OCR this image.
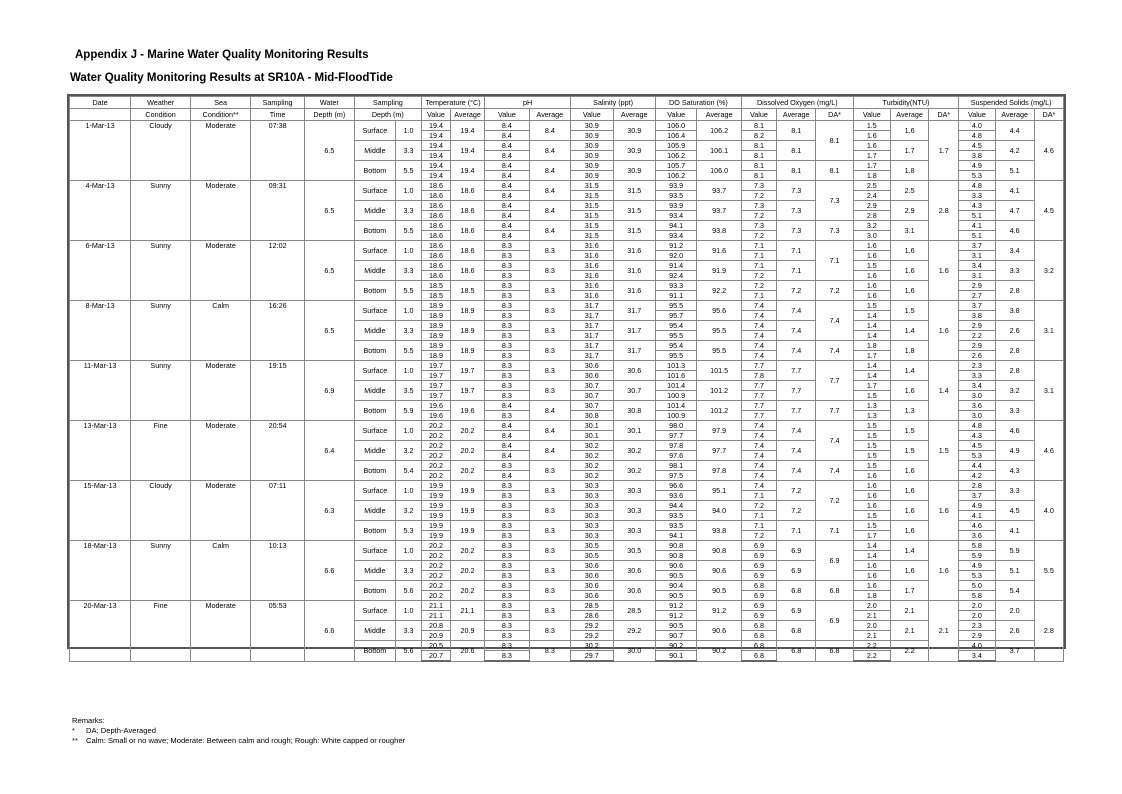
Appendix J - Marine Water Quality Monitoring Results
Water Quality Monitoring Results at SR10A - Mid-FloodTide
Date	Weather	Sea	Sampling	Water	Sampling		Temperature (°C)		pH		Salinity (ppt)		DO Saturation (%)		Dissolved Oxygen (mg/L)			Turbidity(NTU)			Suspended Solids (mg/L)		
	Condition	Condition**	Time	Depth (m)	Depth (m)		Value	Average	Value	Average	Value	Average	Value	Average	Value	Average	DA*	Value	Average	DA*	Value	Average	DA*
1-Mar-13	Cloudy	Moderate	07:38	6.5	Surface	1.0	19.4	19.4	8.4	8.4	30.9	30.9	106.0	106.2	8.1	8.1	8.1	1.5	1.6	1.7	4.0	4.4	4.6
							19.4		8.4		30.9		106.4		8.2			1.6			4.8		
					Middle	3.3	19.4	19.4	8.4	8.4	30.9	30.9	105.9	106.1	8.1	8.1		1.6	1.7		4.5	4.2	
							19.4		8.4		30.9		106.2		8.1			1.7			3.8		
					Bottom	5.5	19.4	19.4	8.4	8.4	30.9	30.9	105.7	106.0	8.1	8.1	8.1	1.7	1.8		4.9	5.1	
							19.4		8.4		30.9		106.2		8.1			1.8			5.3		
4-Mar-13	Sunny	Moderate	09:31	6.5	Surface	1.0	18.6	18.6	8.4	8.4	31.5	31.5	93.9	93.7	7.3	7.3	7.3	2.5	2.5	2.8	4.8	4.1	4.5
							18.6		8.4		31.5		93.5		7.2			2.4			3.3		
					Middle	3.3	18.6	18.6	8.4	8.4	31.5	31.5	93.9	93.7	7.3	7.3		2.9	2.9		4.3	4.7	
							18.6		8.4		31.5		93.4		7.2			2.8			5.1		
					Bottom	5.5	18.6	18.6	8.4	8.4	31.5	31.5	94.1	93.8	7.3	7.3	7.3	3.2	3.1		4.1	4.6	
							18.6		8.4		31.5		93.4		7.2			3.0			5.1		
6-Mar-13	Sunny	Moderate	12:02	6.5	Surface	1.0	18.6	18.6	8.3	8.3	31.6	31.6	91.2	91.6	7.1	7.1	7.1	1.6	1.6	1.6	3.7	3.4	3.2
							18.6		8.3		31.6		92.0		7.1			1.6			3.1		
					Middle	3.3	18.6	18.6	8.3	8.3	31.6	31.6	91.4	91.9	7.1	7.1		1.5	1.6		3.4	3.3	
							18.6		8.3		31.6		92.4		7.2			1.6			3.1		
					Bottom	5.5	18.5	18.5	8.3	8.3	31.6	31.6	93.3	92.2	7.2	7.2	7.2	1.6	1.6		2.9	2.8	
							18.5		8.3		31.6		91.1		7.1			1.6			2.7		
8-Mar-13	Sunny	Calm	16:26	6.5	Surface	1.0	18.9	18.9	8.3	8.3	31.7	31.7	95.5	95.6	7.4	7.4	7.4	1.5	1.5	1.6	3.7	3.8	3.1
							18.9		8.3		31.7		95.7		7.4			1.4			3.8		
					Middle	3.3	18.9	18.9	8.3	8.3	31.7	31.7	95.4	95.5	7.4	7.4		1.4	1.4		2.9	2.6	
							18.9		8.3		31.7		95.5		7.4			1.4			2.2		
					Bottom	5.5	18.9	18.9	8.3	8.3	31.7	31.7	95.4	95.5	7.4	7.4	7.4	1.8	1.8		2.9	2.8	
							18.9		8.3		31.7		95.5		7.4			1.7			2.6		
11-Mar-13	Sunny	Moderate	19:15	6.9	Surface	1.0	19.7	19.7	8.3	8.3	30.6	30.6	101.3	101.5	7.7	7.7	7.7	1.4	1.4	1.4	2.3	2.8	3.1
							19.7		8.3		30.6		101.6		7.8			1.4			3.3		
					Middle	3.5	19.7	19.7	8.3	8.3	30.7	30.7	101.4	101.2	7.7	7.7		1.7	1.6		3.4	3.2	
							19.7		8.3		30.7		100.9		7.7			1.5			3.0		
					Bottom	5.9	19.6	19.6	8.4	8.4	30.7	30.8	101.4	101.2	7.7	7.7	7.7	1.3	1.3		3.6	3.3	
							19.6		8.3		30.8		100.9		7.7			1.3			3.0		
13-Mar-13	Fine	Moderate	20:54	6.4	Surface	1.0	20.2	20.2	8.4	8.4	30.1	30.1	98.0	97.9	7.4	7.4	7.4	1.5	1.5	1.5	4.8	4.6	4.6
							20.2		8.4		30.1		97.7		7.4			1.5			4.3		
					Middle	3.2	20.2	20.2	8.4	8.4	30.2	30.2	97.8	97.7	7.4	7.4		1.5	1.5		4.5	4.9	
							20.2		8.4		30.2		97.6		7.4			1.5			5.3		
					Bottom	5.4	20.2	20.2	8.3	8.3	30.2	30.2	98.1	97.8	7.4	7.4	7.4	1.5	1.6		4.4	4.3	
							20.2		8.4		30.2		97.5		7.4			1.6			4.2		
15-Mar-13	Cloudy	Moderate	07:11	6.3	Surface	1.0	19.9	19.9	8.3	8.3	30.3	30.3	96.6	95.1	7.4	7.2	7.2	1.6	1.6	1.6	2.8	3.3	4.0
							19.9		8.3		30.3		93.6		7.1			1.6			3.7		
					Middle	3.2	19.9	19.9	8.3	8.3	30.3	30.3	94.4	94.0	7.2	7.2		1.6	1.6		4.9	4.5	
							19.9		8.3		30.3		93.5		7.1			1.5			4.1		
					Bottom	5.3	19.9	19.9	8.3	8.3	30.3	30.3	93.5	93.8	7.1	7.1	7.1	1.5	1.6		4.6	4.1	
							19.9		8.3		30.3		94.1		7.2			1.7			3.6		
18-Mar-13	Sunny	Calm	10:13	6.6	Surface	1.0	20.2	20.2	8.3	8.3	30.5	30.5	90.8	90.8	6.9	6.9	6.9	1.4	1.4	1.6	5.8	5.9	5.5
							20.2		8.3		30.5		90.8		6.9			1.4			5.9		
					Middle	3.3	20.2	20.2	8.3	8.3	30.6	30.6	90.6	90.6	6.9	6.9		1.6	1.6		4.9	5.1	
							20.2		8.3		30.6		90.5		6.9			1.6			5.3		
					Bottom	5.6	20.2	20.2	8.3	8.3	30.6	30.6	90.4	90.5	6.8	6.8	6.8	1.6	1.7		5.0	5.4	
							20.2		8.3		30.6		90.5		6.9			1.8			5.8		
20-Mar-13	Fine	Moderate	05:53	6.6	Surface	1.0	21.1	21.1	8.3	8.3	28.5	28.5	91.2	91.2	6.9	6.9	6.9	2.0	2.1	2.1	2.0	2.0	2.8
							21.1		8.3		28.6		91.2		6.9			2.1			2.0		
					Middle	3.3	20.8	20.9	8.3	8.3	29.2	29.2	90.5	90.6	6.8	6.8		2.0	2.1		2.3	2.6	
							20.9		8.3		29.2		90.7		6.8			2.1			2.9		
					Bottom	5.6	20.5	20.6	8.3	8.3	30.2	30.0	90.2	90.2	6.8	6.8	6.8	2.2	2.2		4.0	3.7	
							20.7		8.3		29.7		90.1		6.8			2.2			3.4		
Remarks:
* DA: Depth-Averaged
** Calm: Small or no wave; Moderate: Between calm and rough; Rough: White capped or rougher
